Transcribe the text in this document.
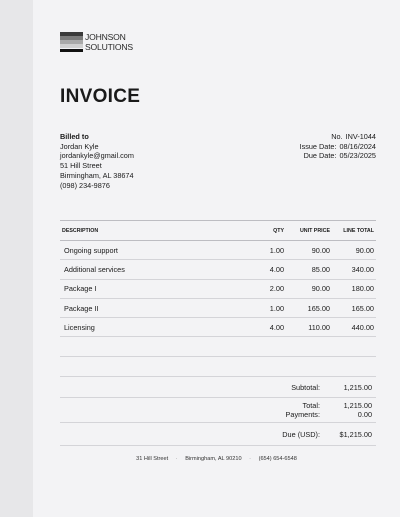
JOHNSON
SOLUTIONS
INVOICE
Billed to
Jordan Kyle
jordankyle@gmail.com
51 Hill Street
Birmingham, AL 38674
(098) 234-9876
No. INV-1044
Issue Date: 08/16/2024
Due Date: 05/23/2025
DESCRIPTION	QTY	UNIT PRICE	LINE TOTAL
Ongoing support	1.00	90.00	90.00
Additional services	4.00	85.00	340.00
Package I	2.00	90.00	180.00
Package II	1.00	165.00	165.00
Licensing	4.00	110.00	440.00

Subtotal:	1,215.00
Total:	1,215.00
Payments:	0.00
Due (USD):	$1,215.00
31 Hill Street · Birmingham, AL 90210 · (654) 654-6548
